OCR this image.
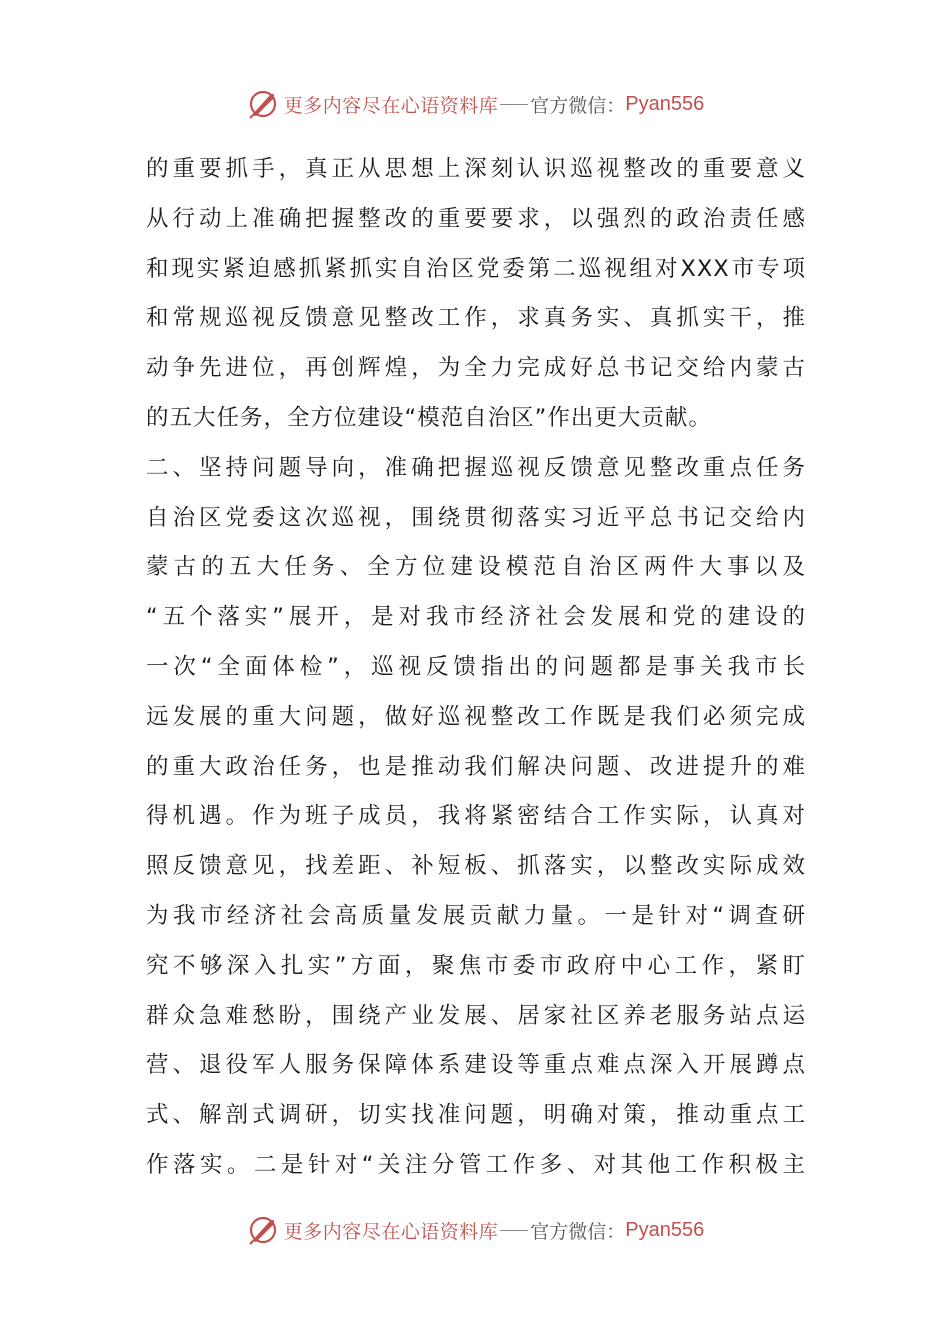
更多内容尽在心语资料库 官方微信： Pyan556
的重要抓手，真正从思想上深刻认识巡视整改的重要意义
从行动上准确把握整改的重要要求，以强烈的政治责任感
和现实紧迫感抓紧抓实自治区党委第二巡视组对XXX市专项
和常规巡视反馈意见整改工作，求真务实、真抓实干，推
动争先进位，再创辉煌，为全力完成好总书记交给内蒙古
的五大任务，全方位建设“模范自治区”作出更大贡献。
二、坚持问题导向，准确把握巡视反馈意见整改重点任务
自治区党委这次巡视，围绕贯彻落实习近平总书记交给内
蒙古的五大任务、全方位建设模范自治区两件大事以及
“五个落实”展开，是对我市经济社会发展和党的建设的
一次“全面体检”，巡视反馈指出的问题都是事关我市长
远发展的重大问题，做好巡视整改工作既是我们必须完成
的重大政治任务，也是推动我们解决问题、改进提升的难
得机遇。作为班子成员，我将紧密结合工作实际，认真对
照反馈意见，找差距、补短板、抓落实，以整改实际成效
为我市经济社会高质量发展贡献力量。一是针对“调查研
究不够深入扎实”方面，聚焦市委市政府中心工作，紧盯
群众急难愁盼，围绕产业发展、居家社区养老服务站点运
营、退役军人服务保障体系建设等重点难点深入开展蹲点
式、解剖式调研，切实找准问题，明确对策，推动重点工
作落实。二是针对“关注分管工作多、对其他工作积极主
更多内容尽在心语资料库 官方微信： Pyan556
